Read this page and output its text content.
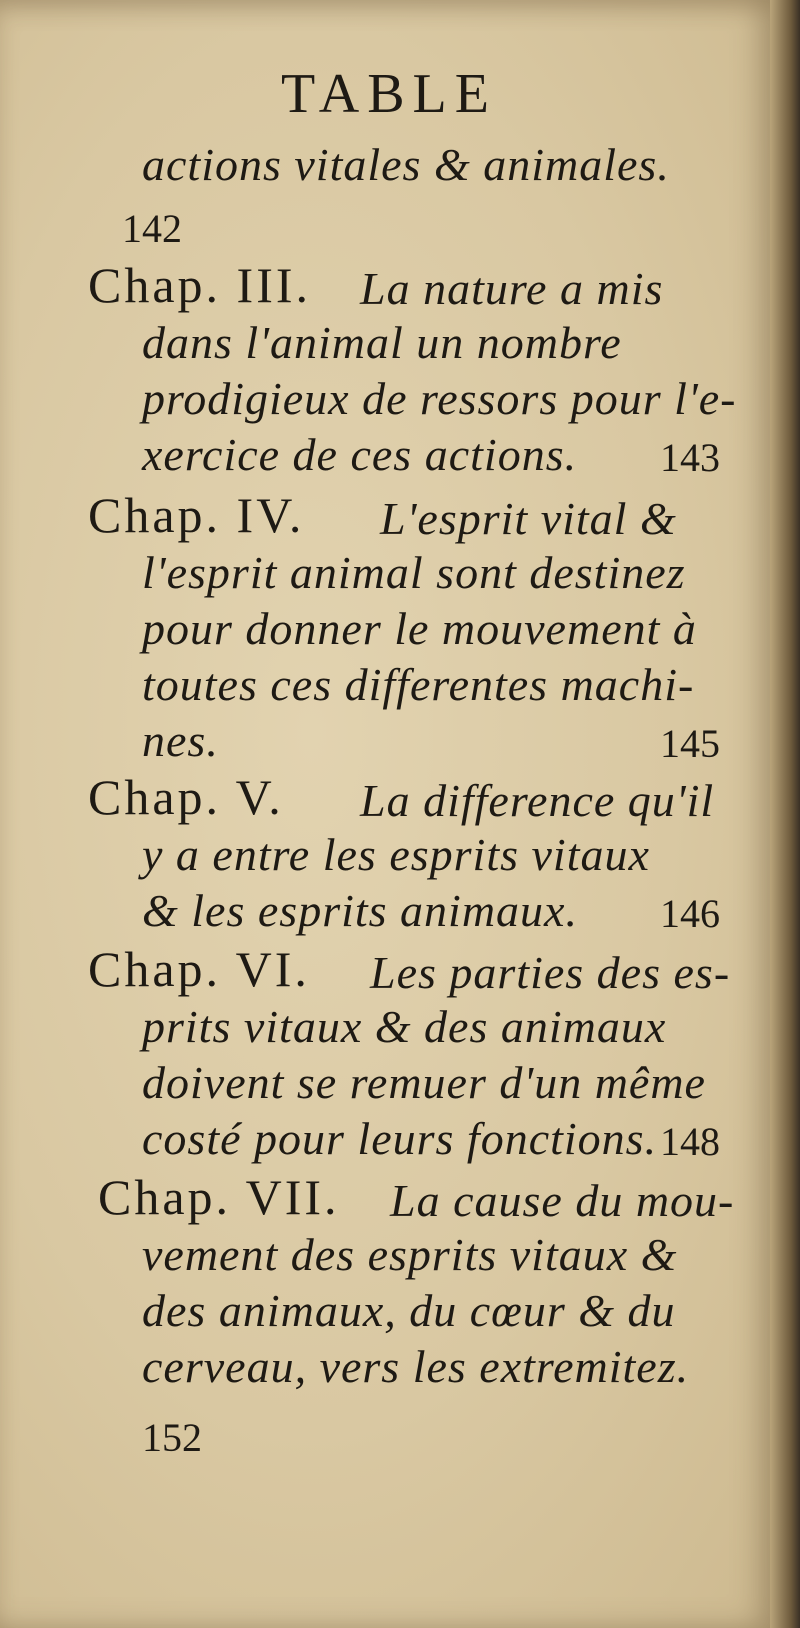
TABLE
actions vitales & animales.
142
Chap. III. La nature a mis
dans l'animal un nombre
prodigieux de ressors pour l'e-
xercice de ces actions. 143
Chap. IV. L'esprit vital &
l'esprit animal sont destinez
pour donner le mouvement à
toutes ces differentes machi-
nes.	145
Chap. V. La difference qu'il
y a entre les esprits vitaux
& les esprits animaux. 146
Chap. VI. Les parties des es-
prits vitaux & des animaux
doivent se remuer d'un même
costé pour leurs fonctions. 148
Chap. VII. La cause du mou-
vement des esprits vitaux &
des animaux, du cœur & du
cerveau, vers les extremitez.
152
